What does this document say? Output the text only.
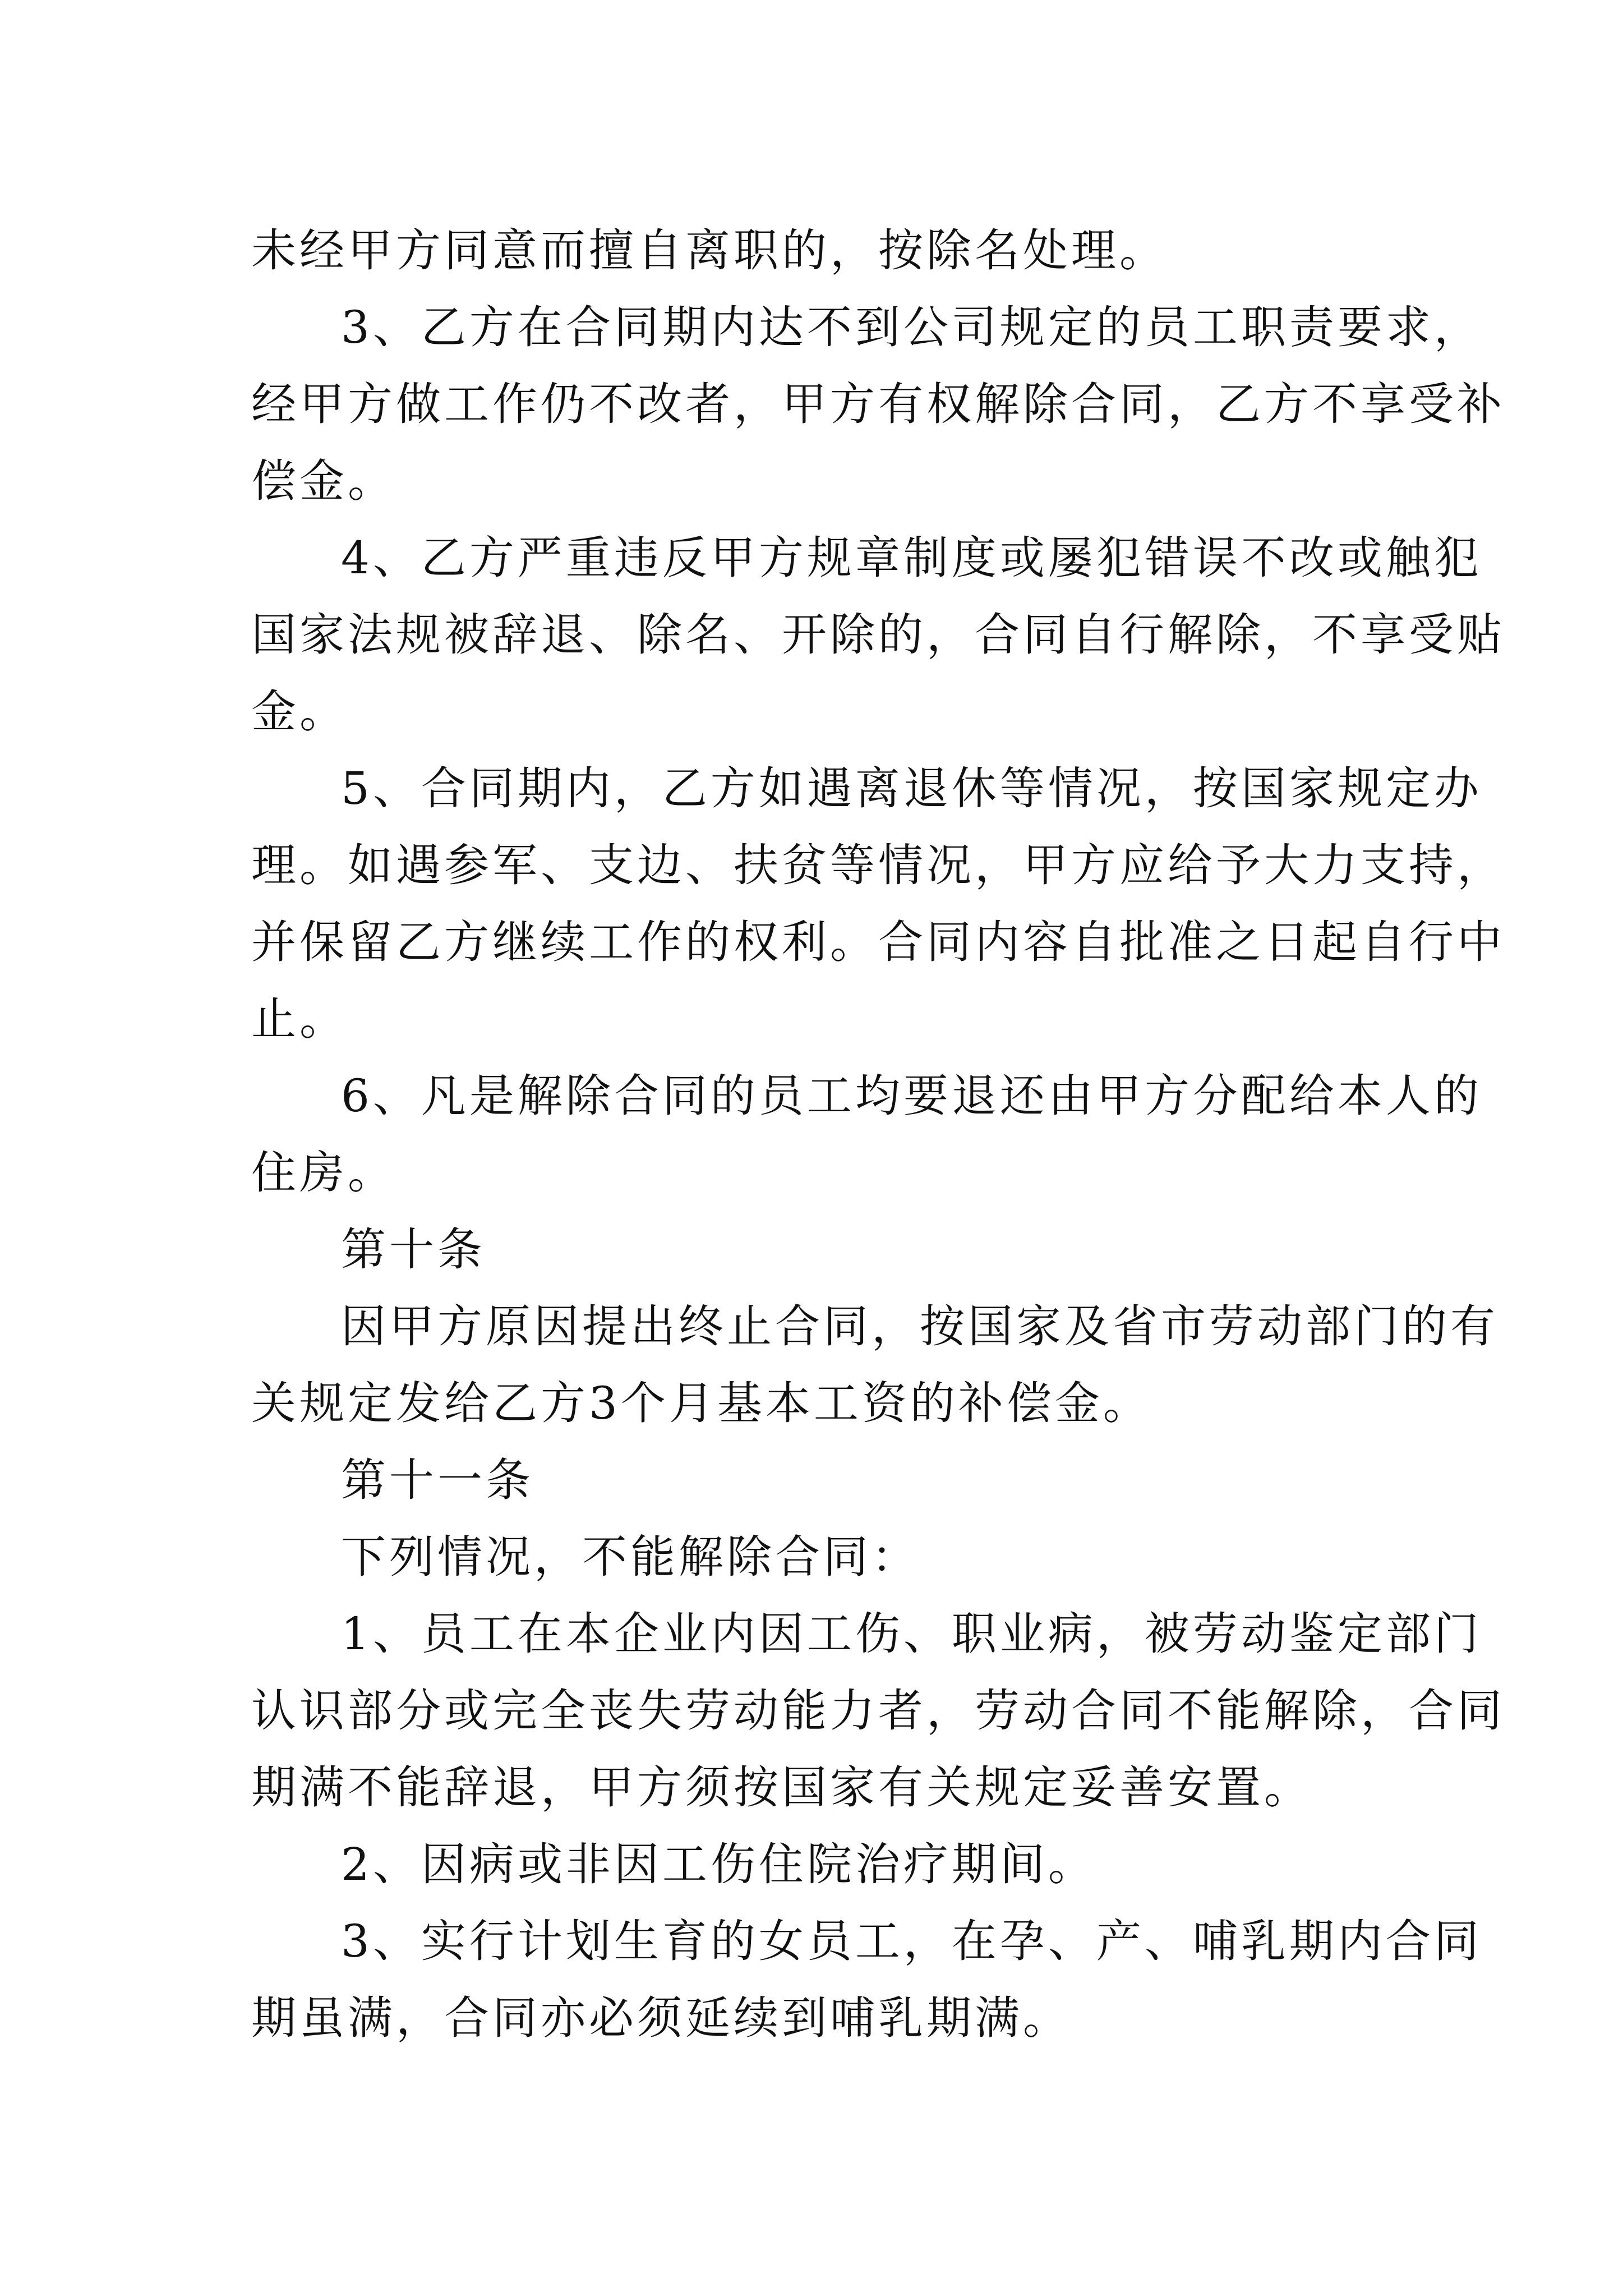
未经甲方同意而擅自离职的，按除名处理。
3、乙方在合同期内达不到公司规定的员工职责要求，
经甲方做工作仍不改者，甲方有权解除合同，乙方不享受补
偿金。
4、乙方严重违反甲方规章制度或屡犯错误不改或触犯
国家法规被辞退、除名、开除的，合同自行解除，不享受贴
金。
5、合同期内，乙方如遇离退休等情况，按国家规定办
理。如遇参军、支边、扶贫等情况，甲方应给予大力支持，
并保留乙方继续工作的权利。合同内容自批准之日起自行中
止。
6、凡是解除合同的员工均要退还由甲方分配给本人的
住房。
第十条
因甲方原因提出终止合同，按国家及省市劳动部门的有
关规定发给乙方3个月基本工资的补偿金。
第十一条
下列情况，不能解除合同：
1、员工在本企业内因工伤、职业病，被劳动鉴定部门
认识部分或完全丧失劳动能力者，劳动合同不能解除，合同
期满不能辞退，甲方须按国家有关规定妥善安置。
2、因病或非因工伤住院治疗期间。
3、实行计划生育的女员工，在孕、产、哺乳期内合同
期虽满，合同亦必须延续到哺乳期满。
